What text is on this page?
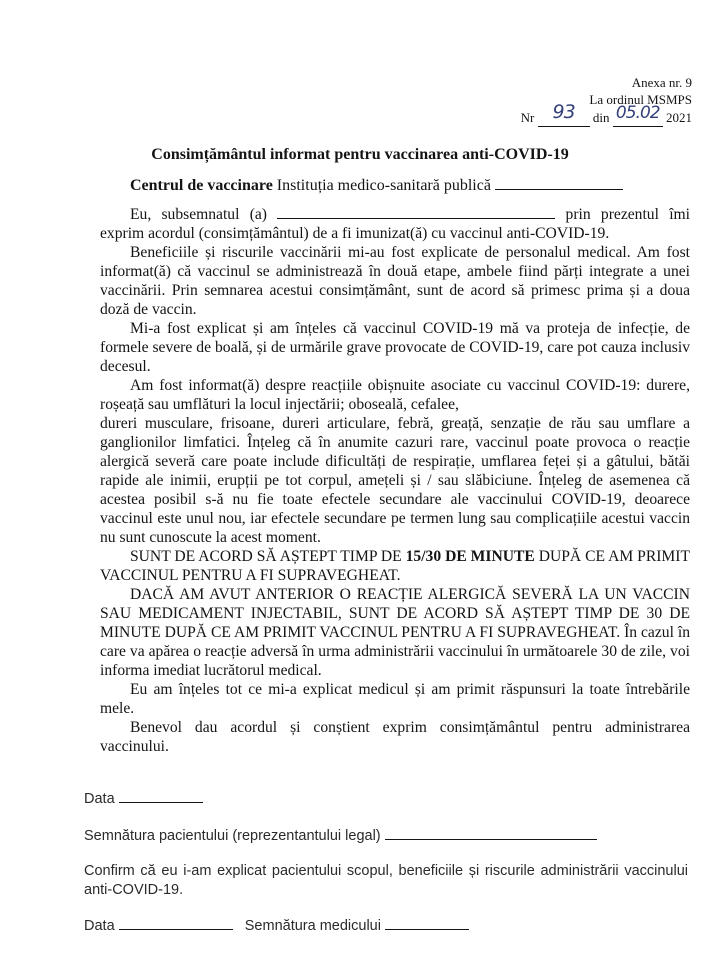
Anexa nr. 9
La ordinul MSMPS
Nr 93 din 05.02 2021
Consimțământul informat pentru vaccinarea anti-COVID-19
Centrul de vaccinare Instituția medico-sanitară publică

Eu, subsemnatul (a)	prin prezentul îmi exprim acordul (consimțământul) de a fi imunizat(ă) cu vaccinul anti-COVID-19.

Beneficiile și riscurile vaccinării mi-au fost explicate de personalul medical. Am fost informat(ă) că vaccinul se administrează în două etape, ambele fiind părți integrate a unei vaccinării. Prin semnarea acestui consimțământ, sunt de acord să primesc prima și a doua doză de vaccin.

Mi-a fost explicat și am înțeles că vaccinul COVID-19 mă va proteja de infecție, de formele severe de boală, și de urmările grave provocate de COVID-19, care pot cauza inclusiv decesul.

Am fost informat(ă) despre reacțiile obișnuite asociate cu vaccinul COVID-19: durere, roșeață sau umflături la locul injectării; oboseală, cefalee,

dureri musculare, frisoane, dureri articulare, febră, greață, senzație de rău sau umflare a ganglionilor limfatici. Înțeleg că în anumite cazuri rare, vaccinul poate provoca o reacție alergică severă care poate include dificultăți de respirație, umflarea feței și a gâtului, bătăi rapide ale inimii, erupții pe tot corpul, amețeli și / sau slăbiciune. Înțeleg de asemenea că acestea posibil s-ă nu fie toate efectele secundare ale vaccinului COVID-19, deoarece vaccinul este unul nou, iar efectele secundare pe termen lung sau complicațiile acestui vaccin nu sunt cunoscute la acest moment.

SUNT DE ACORD SĂ AȘTEPT TIMP DE 15/30 DE MINUTE DUPĂ CE AM PRIMIT VACCINUL PENTRU A FI SUPRAVEGHEAT.

DACĂ AM AVUT ANTERIOR O REACȚIE ALERGICĂ SEVERĂ LA UN VACCIN SAU MEDICAMENT INJECTABIL, SUNT DE ACORD SĂ AȘTEPT TIMP DE 30 DE MINUTE DUPĂ CE AM PRIMIT VACCINUL PENTRU A FI SUPRAVEGHEAT. În cazul în care va apărea o reacție adversă în urma administrării vaccinului în următoarele 30 de zile, voi informa imediat lucrătorul medical.

Eu am înțeles tot ce mi-a explicat medicul și am primit răspunsuri la toate întrebările mele.

Benevol dau acordul și conștient exprim consimțământul pentru administrarea vaccinului.

Data
Semnătura pacientului (reprezentantului legal)
Confirm că eu i-am explicat pacientului scopul, beneficiile și riscurile administrării vaccinului anti-COVID-19.
Data	Semnătura medicului
